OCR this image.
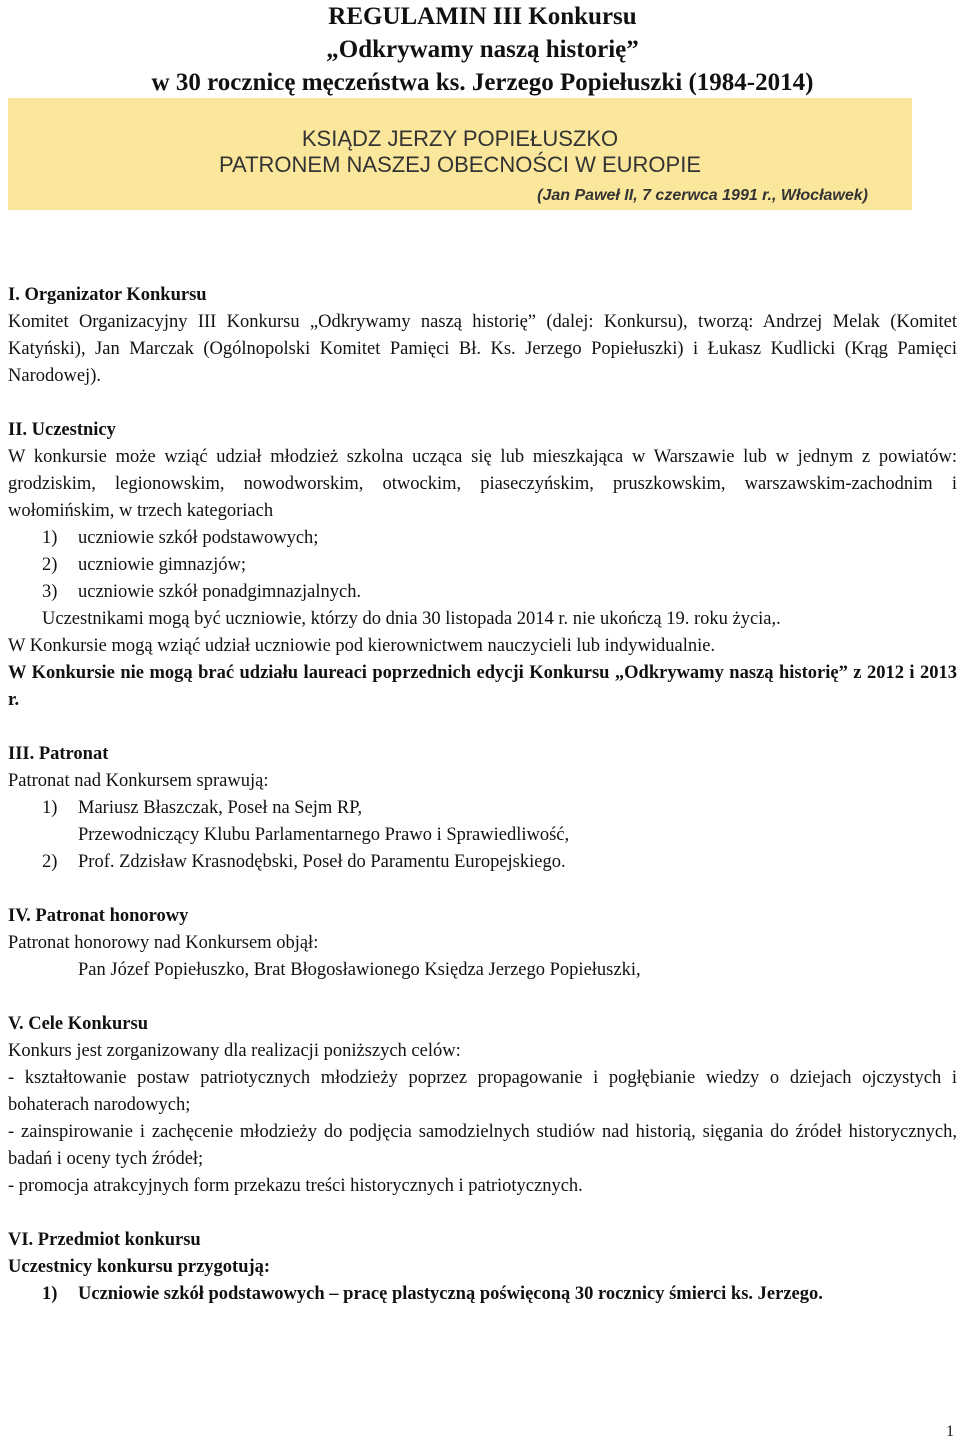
REGULAMIN III Konkursu
„Odkrywamy naszą historię”
w 30 rocznicę męczeństwa ks. Jerzego Popiełuszki (1984-2014)
KSIĄDZ JERZY POPIEŁUSZKO
PATRONEM NASZEJ OBECNOŚCI W EUROPIE
(Jan Paweł II, 7 czerwca 1991 r., Włocławek)
I. Organizator Konkursu
Komitet Organizacyjny III Konkursu „Odkrywamy naszą historię” (dalej: Konkursu), tworzą: Andrzej Melak (Komitet Katyński), Jan Marczak (Ogólnopolski Komitet Pamięci Bł. Ks. Jerzego Popiełuszki) i Łukasz Kudlicki (Krąg Pamięci Narodowej).
II. Uczestnicy
W konkursie może wziąć udział młodzież szkolna ucząca się lub mieszkająca w Warszawie lub w jednym z powiatów: grodziskim, legionowskim, nowodworskim, otwockim, piaseczyńskim, pruszkowskim, warszawskim-zachodnim i wołomińskim, w trzech kategoriach
1)	uczniowie szkół podstawowych;
2)	uczniowie gimnazjów;
3)	uczniowie szkół ponadgimnazjalnych.
Uczestnikami mogą być uczniowie, którzy do dnia 30 listopada 2014 r. nie ukończą 19. roku życia,.
W Konkursie mogą wziąć udział uczniowie pod kierownictwem nauczycieli lub indywidualnie.
W Konkursie nie mogą brać udziału laureaci poprzednich edycji Konkursu „Odkrywamy naszą historię” z 2012 i 2013 r.
III. Patronat
Patronat nad Konkursem sprawują:
1)	Mariusz Błaszczak, Poseł na Sejm RP,
Przewodniczący Klubu Parlamentarnego Prawo i Sprawiedliwość,
2)	Prof. Zdzisław Krasnodębski, Poseł do Paramentu Europejskiego.
IV. Patronat honorowy
Patronat honorowy nad Konkursem objął:
Pan Józef Popiełuszko, Brat Błogosławionego Księdza Jerzego Popiełuszki,
V. Cele Konkursu
Konkurs jest zorganizowany dla realizacji poniższych celów:
- kształtowanie postaw patriotycznych młodzieży poprzez propagowanie i pogłębianie wiedzy o dziejach ojczystych i bohaterach narodowych;
- zainspirowanie i zachęcenie młodzieży do podjęcia samodzielnych studiów nad historią, sięgania do źródeł historycznych, badań i oceny tych źródeł;
- promocja atrakcyjnych form przekazu treści historycznych i patriotycznych.
VI. Przedmiot konkursu
Uczestnicy konkursu przygotują:
1)	Uczniowie szkół podstawowych – pracę plastyczną poświęconą 30 rocznicy śmierci ks. Jerzego.
1
